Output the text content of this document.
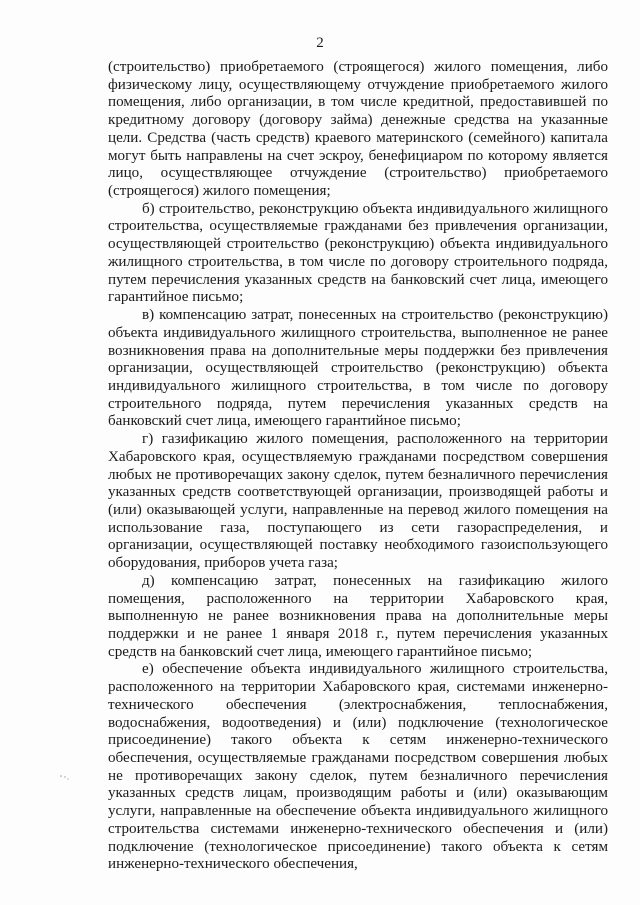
2

(строительство) приобретаемого (строящегося) жилого помещения, либо физическому лицу, осуществляющему отчуждение приобретаемого жилого помещения, либо организации, в том числе кредитной, предоставившей по кредитному договору (договору займа) денежные средства на указанные цели. Средства (часть средств) краевого материнского (семейного) капитала могут быть направлены на счет эскроу, бенефициаром по которому является лицо, осуществляющее отчуждение (строительство) приобретаемого (строящегося) жилого помещения;

б) строительство, реконструкцию объекта индивидуального жилищного строительства, осуществляемые гражданами без привлечения организации, осуществляющей строительство (реконструкцию) объекта индивидуального жилищного строительства, в том числе по договору строительного подряда, путем перечисления указанных средств на банковский счет лица, имеющего гарантийное письмо;

в) компенсацию затрат, понесенных на строительство (реконструкцию) объекта индивидуального жилищного строительства, выполненное не ранее возникновения права на дополнительные меры поддержки без привлечения организации, осуществляющей строительство (реконструкцию) объекта индивидуального жилищного строительства, в том числе по договору строительного подряда, путем перечисления указанных средств на банковский счет лица, имеющего гарантийное письмо;

г) газификацию жилого помещения, расположенного на территории Хабаровского края, осуществляемую гражданами посредством совершения любых не противоречащих закону сделок, путем безналичного перечисления указанных средств соответствующей организации, производящей работы и (или) оказывающей услуги, направленные на перевод жилого помещения на использование газа, поступающего из сети газораспределения, и организации, осуществляющей поставку необходимого газоиспользующего оборудования, приборов учета газа;

д) компенсацию затрат, понесенных на газификацию жилого помещения, расположенного на территории Хабаровского края, выполненную не ранее возникновения права на дополнительные меры поддержки и не ранее 1 января 2018 г., путем перечисления указанных средств на банковский счет лица, имеющего гарантийное письмо;

е) обеспечение объекта индивидуального жилищного строительства, расположенного на территории Хабаровского края, системами инженерно-технического обеспечения (электроснабжения, теплоснабжения, водоснабжения, водоотведения) и (или) подключение (технологическое присоединение) такого объекта к сетям инженерно-технического обеспечения, осуществляемые гражданами посредством совершения любых не противоречащих закону сделок, путем безналичного перечисления указанных средств лицам, производящим работы и (или) оказывающим услуги, направленные на обеспечение объекта индивидуального жилищного строительства системами инженерно-технического обеспечения и (или) подключение (технологическое присоединение) такого объекта к сетям инженерно-технического обеспечения,
